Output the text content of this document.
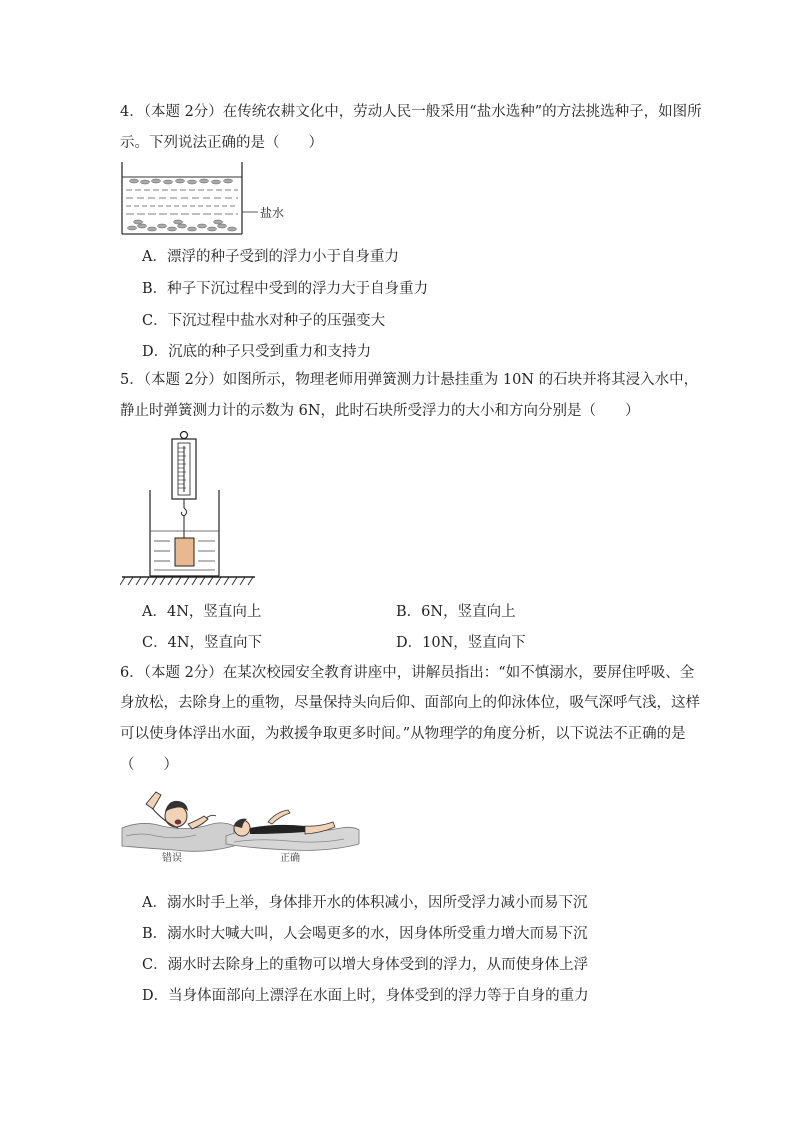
4．（本题 2分）在传统农耕文化中，劳动人民一般采用“盐水选种”的方法挑选种子，如图所
示。下列说法正确的是（　　）
盐水
A．漂浮的种子受到的浮力小于自身重力
B．种子下沉过程中受到的浮力大于自身重力
C．下沉过程中盐水对种子的压强变大
D．沉底的种子只受到重力和支持力
5．（本题 2分）如图所示，物理老师用弹簧测力计悬挂重为 10N 的石块并将其浸入水中，
静止时弹簧测力计的示数为 6N，此时石块所受浮力的大小和方向分别是（　　）
A．4N，竖直向上	B．6N，竖直向上
C．4N，竖直向下	D．10N，竖直向下
6．（本题 2分）在某次校园安全教育讲座中，讲解员指出：“如不慎溺水，要屏住呼吸、全
身放松，去除身上的重物，尽量保持头向后仰、面部向上的仰泳体位，吸气深呼气浅，这样
可以使身体浮出水面，为救援争取更多时间。”从物理学的角度分析，以下说法不正确的是
（　　）
错误	正确
A．溺水时手上举，身体排开水的体积减小，因所受浮力减小而易下沉
B．溺水时大喊大叫，人会喝更多的水，因身体所受重力增大而易下沉
C．溺水时去除身上的重物可以增大身体受到的浮力，从而使身体上浮
D．当身体面部向上漂浮在水面上时，身体受到的浮力等于自身的重力
